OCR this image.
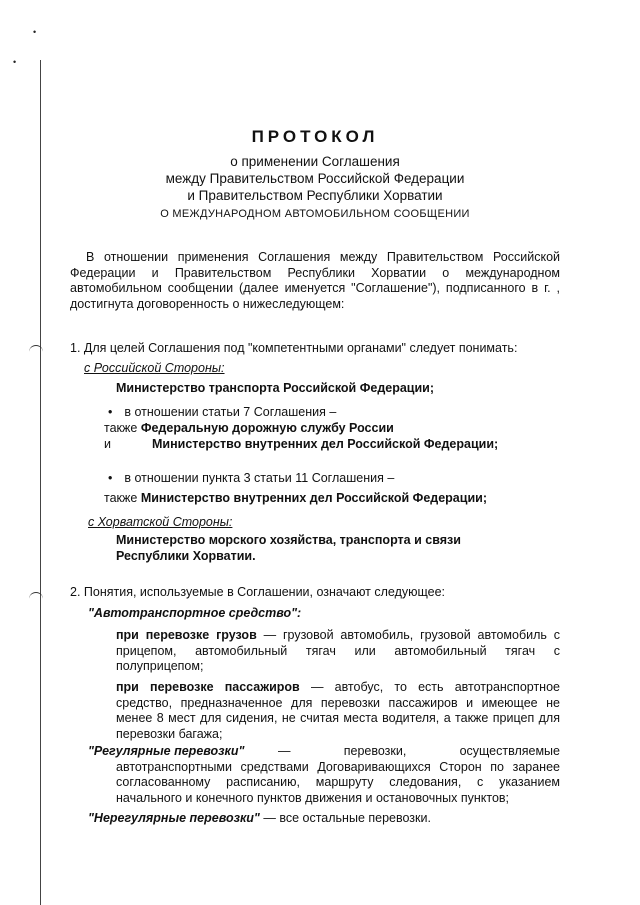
•
•
ПРОТОКОЛ
о применении Соглашения
между Правительством Российской Федерации
и Правительством Республики Хорватии
О МЕЖДУНАРОДНОМ АВТОМОБИЛЬНОМ СООБЩЕНИИ
В отношении применения Соглашения между Правительством Российской Федерации и Правительством Республики Хорватии о международном автомобильном сообщении (далее именуется "Соглашение"), подписанного в г. , достигнута договоренность о нижеследующем:
1. Для целей Соглашения под "компетентными органами" следует понимать:
с Российской Стороны:
Министерство транспорта Российской Федерации;
• в отношении статьи 7 Соглашения –
также Федеральную дорожную службу России
и	Министерство внутренних дел Российской Федерации;
• в отношении пункта 3 статьи 11 Соглашения –
также Министерство внутренних дел Российской Федерации;
с Хорватской Стороны:
Министерство морского хозяйства, транспорта и связи Республики Хорватии.
2. Понятия, используемые в Соглашении, означают следующее:
"Автотранспортное средство":
при перевозке грузов — грузовой автомобиль, грузовой автомобиль с прицепом, автомобильный тягач или автомобильный тягач с полуприцепом;
при перевозке пассажиров — автобус, то есть автотранспортное средство, предназначенное для перевозки пассажиров и имеющее не менее 8 мест для сидения, не считая места водителя, а также прицеп для перевозки багажа;
"Регулярные перевозки"	— перевозки, осуществляемые автотранспортными средствами Договаривающихся Сторон по заранее согласованному расписанию, маршруту следования, с указанием начального и конечного пунктов движения и остановочных пунктов;
"Нерегулярные перевозки" — все остальные перевозки.
